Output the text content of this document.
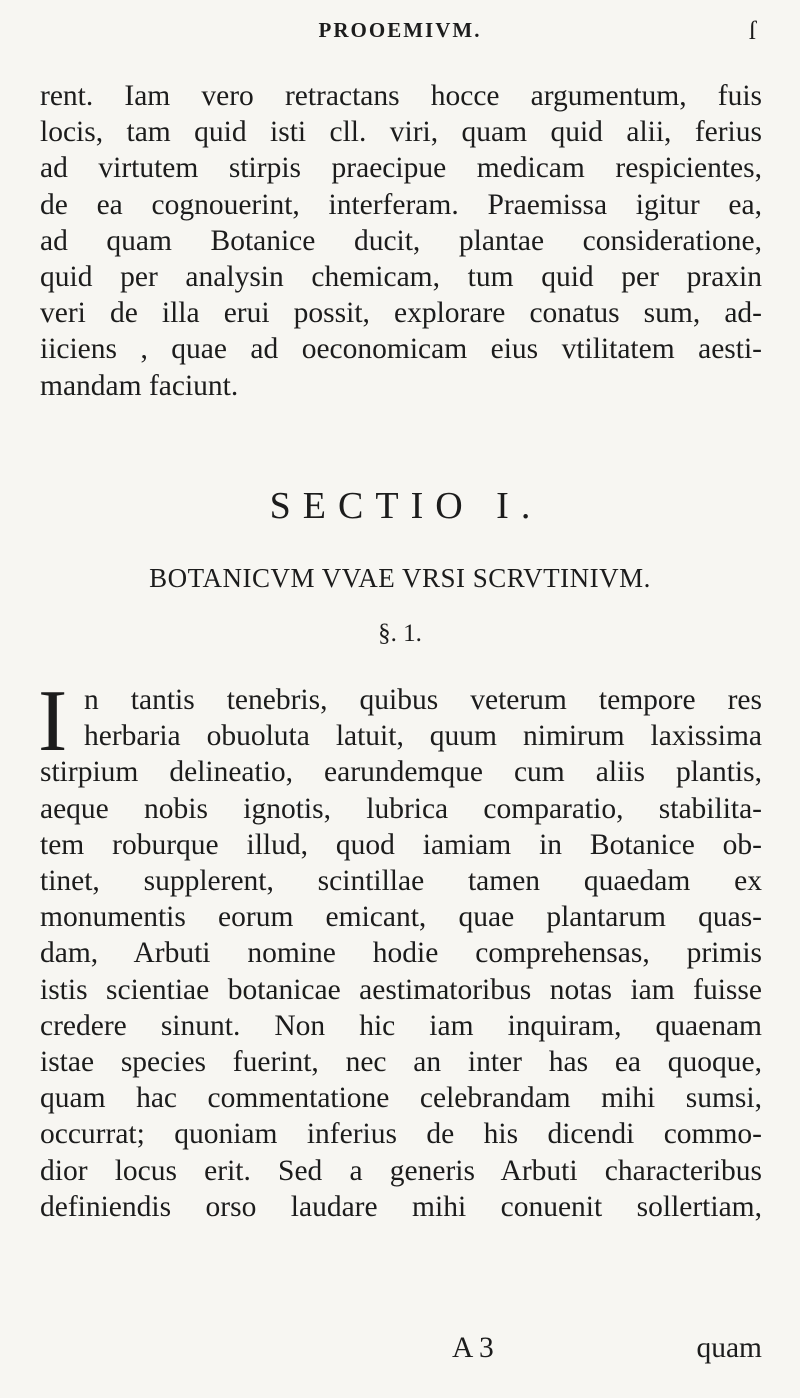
PROOEMIVM.	ſ
rent. Iam vero retractans hocce argumentum, fuis
locis, tam quid isti cll. viri, quam quid alii, ferius
ad virtutem stirpis praecipue medicam respicientes,
de ea cognouerint, interferam. Praemissa igitur ea,
ad quam Botanice ducit, plantae consideratione,
quid per analysin chemicam, tum quid per praxin
veri de illa erui possit, explorare conatus sum, ad-
iiciens , quae ad oeconomicam eius vtilitatem aesti-
mandam faciunt.
SECTIO I.
BOTANICVM VVAE VRSI SCRVTINIVM.
§. 1.
I n tantis tenebris, quibus veterum tempore res
herbaria obuoluta latuit, quum nimirum laxissima
stirpium delineatio, earundemque cum aliis plantis,
aeque nobis ignotis, lubrica comparatio, stabilita-
tem roburque illud, quod iamiam in Botanice ob-
tinet, supplerent, scintillae tamen quaedam ex
monumentis eorum emicant, quae plantarum quas-
dam, Arbuti nomine hodie comprehensas, primis
istis scientiae botanicae aestimatoribus notas iam fuisse
credere sinunt. Non hic iam inquiram, quaenam
istae species fuerint, nec an inter has ea quoque,
quam hac commentatione celebrandam mihi sumsi,
occurrat; quoniam inferius de his dicendi commo-
dior locus erit. Sed a generis Arbuti characteribus
definiendis orso laudare mihi conuenit sollertiam,
A 3	quam
